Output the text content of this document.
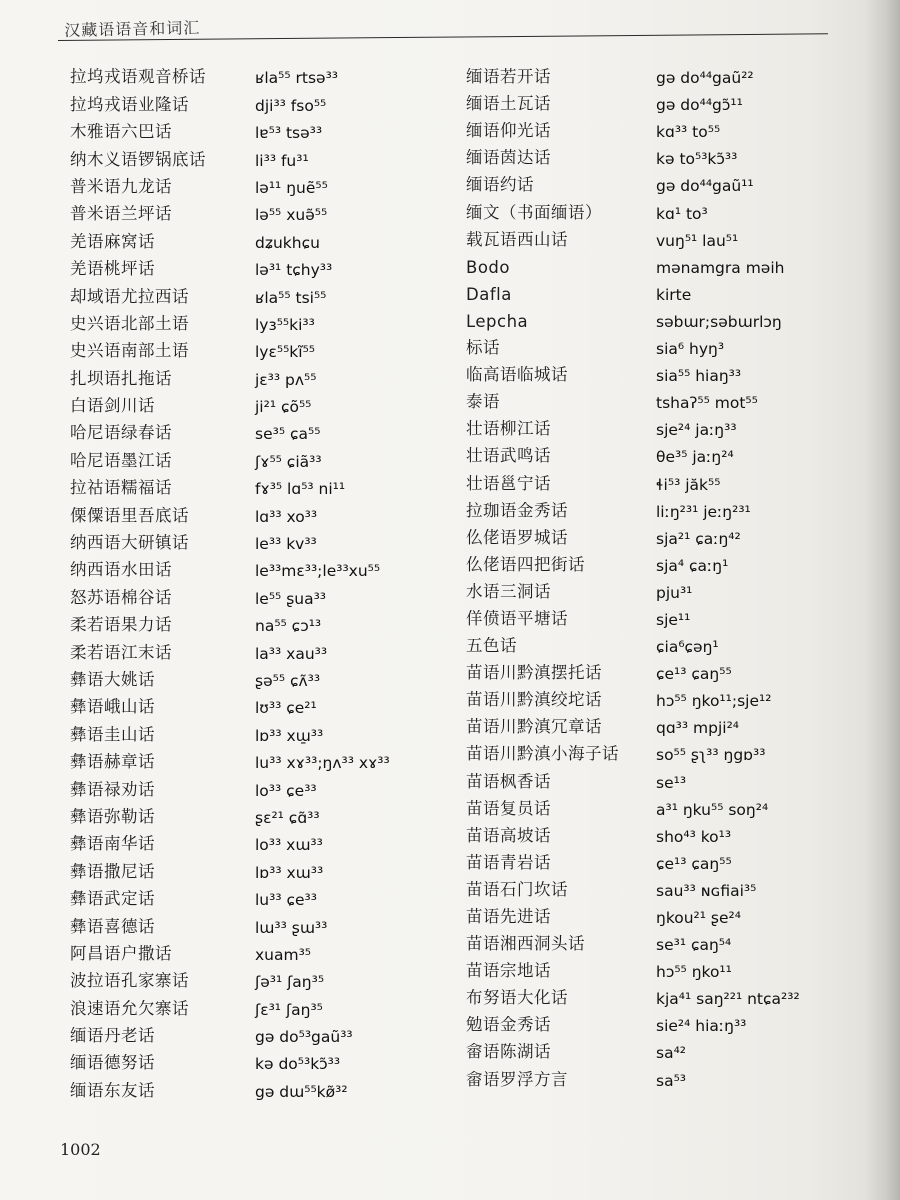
汉藏语语音和词汇
拉坞戎语观音桥话	ʁla⁵⁵ rtsə³³
拉坞戎语业隆话	dji³³ fso⁵⁵
木雅语六巴话	lɐ⁵³ tsə³³
纳木义语锣锅底话	li³³ fu³¹
普米语九龙话	lə¹¹ ŋuẽ⁵⁵
普米语兰坪话	lə⁵⁵ xuə̃⁵⁵
羌语麻窝话	dʑukhɕu
羌语桃坪话	lə³¹ tɕhy³³
却域语尤拉西话	ʁla⁵⁵ tsi⁵⁵
史兴语北部土语	lyɜ⁵⁵ki³³
史兴语南部土语	lyɛ⁵⁵kĩ⁵⁵
扎坝语扎拖话	jɛ³³ pʌ⁵⁵
白语剑川话	ji²¹ ɕõ⁵⁵
哈尼语绿春话	se³⁵ ɕa⁵⁵
哈尼语墨江话	ʃɤ⁵⁵ ɕiã³³
拉祜语糯福话	fɤ³⁵ lɑ⁵³ ni¹¹
傈僳语里吾底话	lɑ³³ xo³³
纳西语大研镇话	le³³ kv³³
纳西语水田话	le³³mɛ³³;le³³xu⁵⁵
怒苏语棉谷话	le⁵⁵ ʂua³³
柔若语果力话	na⁵⁵ ɕɔ¹³
柔若语江末话	la³³ xau³³
彝语大姚话	ʂə⁵⁵ ɕʌ̃³³
彝语峨山话	lʊ³³ ɕe²¹
彝语圭山话	lɒ³³ xɯ̱³³
彝语赫章话	lu³³ xɤ³³;ŋʌ³³ xɤ³³
彝语禄劝话	lo³³ ɕe³³
彝语弥勒话	ʂɛ²¹ ɕɑ̃³³
彝语南华话	lo³³ xɯ³³
彝语撒尼话	lɒ³³ xɯ³³
彝语武定话	lu³³ ɕe³³
彝语喜德话	lɯ³³ ʂɯ³³
阿昌语户撒话	xuam³⁵
波拉语孔家寨话	ʃə³¹ ʃaŋ³⁵
浪速语允欠寨话	ʃɛ³¹ ʃaŋ³⁵
缅语丹老话	gə do⁵³gaũ³³
缅语德努话	kə do⁵³kɔ̃³³
缅语东友话	gə dɯ⁵⁵kø̃³²
缅语若开话	gə do⁴⁴gaũ²²
缅语土瓦话	gə do⁴⁴gɔ̃¹¹
缅语仰光话	kɑ³³ to⁵⁵
缅语茵达话	kə to⁵³kɔ̃³³
缅语约话	gə do⁴⁴gaũ¹¹
缅文（书面缅语）	kɑ¹ to³
载瓦语西山话	vuŋ⁵¹ lau⁵¹
Bodo	mənamgra məih
Dafla	kirte
Lepcha	səbɯr;səbɯrlɔŋ
标话	sia⁶ hyŋ³
临高语临城话	sia⁵⁵ hiaŋ³³
泰语	tshaʔ⁵⁵ mot⁵⁵
壮语柳江话	sje²⁴ jaːŋ³³
壮语武鸣话	θe³⁵ jaːŋ²⁴
壮语邕宁话	ɬi⁵³ jăk⁵⁵
拉珈语金秀话	liːŋ²³¹ jeːŋ²³¹
仫佬语罗城话	sja²¹ ɕaːŋ⁴²
仫佬语四把街话	sja⁴ ɕaːŋ¹
水语三洞话	pju³¹
佯偾语平塘话	sje¹¹
五色话	ɕia⁶ɕəŋ¹
苗语川黔滇摆托话	ɕe¹³ ɕaŋ⁵⁵
苗语川黔滇绞坨话	hɔ⁵⁵ ŋko¹¹;sje¹²
苗语川黔滇冗章话	qɑ³³ mpji²⁴
苗语川黔滇小海子话	so⁵⁵ ʂʅ³³ ŋgɒ³³
苗语枫香话	se¹³
苗语复员话	a³¹ ŋku⁵⁵ soŋ²⁴
苗语高坡话	sho⁴³ ko¹³
苗语青岩话	ɕe¹³ ɕaŋ⁵⁵
苗语石门坎话	sau³³ ɴɢfiai³⁵
苗语先进话	ŋkou²¹ ʂe²⁴
苗语湘西洞头话	se³¹ ɕaŋ⁵⁴
苗语宗地话	hɔ⁵⁵ ŋko¹¹
布努语大化话	kja⁴¹ saŋ²²¹ ntɕa²³²
勉语金秀话	sie²⁴ hiaːŋ³³
畲语陈湖话	sa⁴²
畲语罗浮方言	sa⁵³
1002
